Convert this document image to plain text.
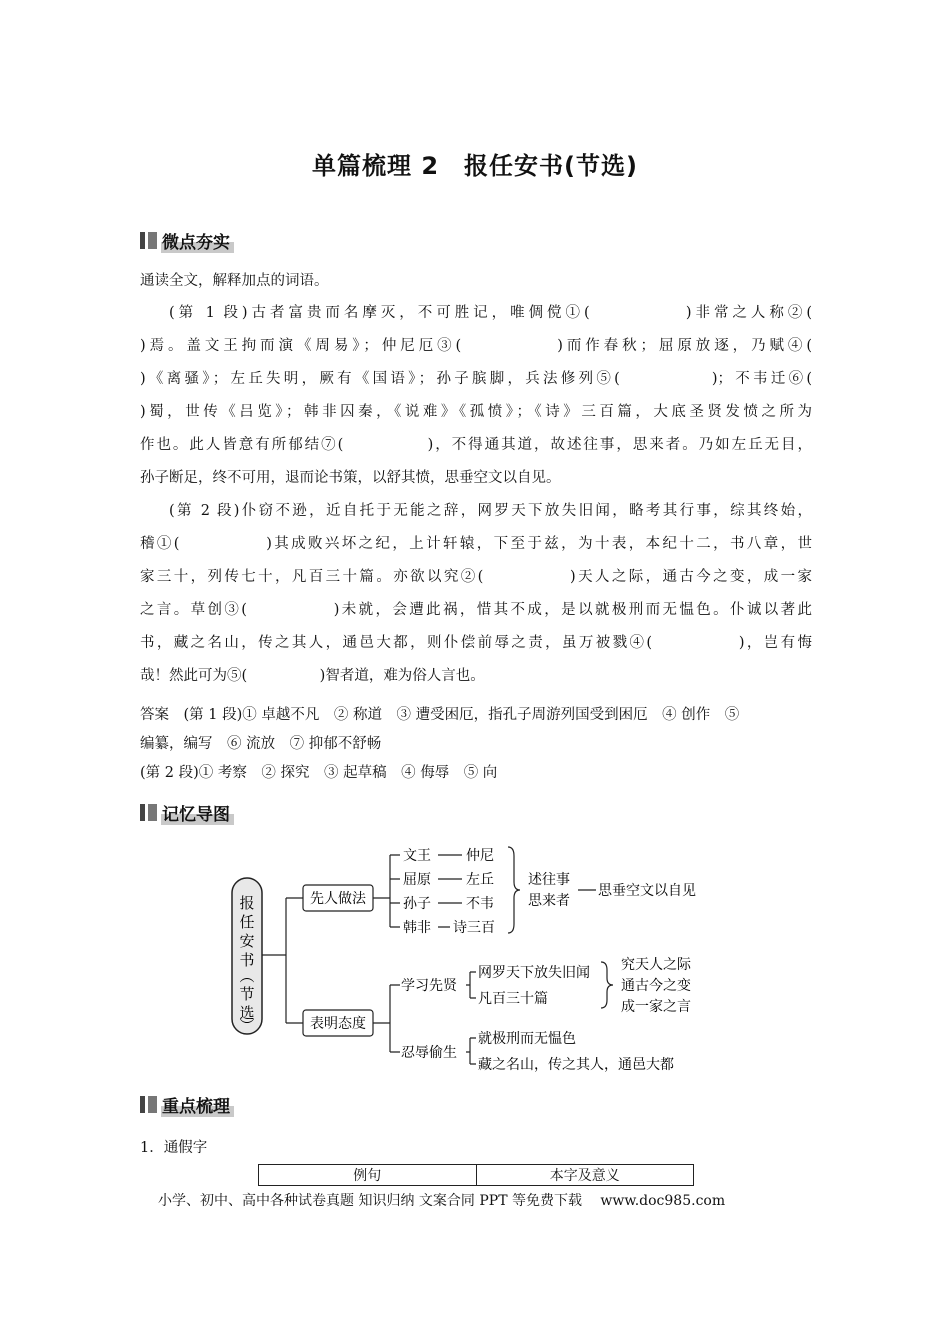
单篇梳理 2　报任安书(节选)
微点夯实
通读全文，解释加点的词语。
(第 1 段)古者富贵而名摩灭，不可胜记，唯倜傥①(　　　　　)非常之人称②(
)焉。盖文王拘而演《周易》；仲尼厄③(　　　　　)而作春秋；屈原放逐，乃赋④(
)《离骚》；左丘失明，厥有《国语》；孙子膑脚，兵法修列⑤(　　　　　)；不韦迁⑥(
)蜀，世传《吕览》；韩非囚秦，《说难》《孤愤》；《诗》三百篇，大底圣贤发愤之所为
作也。此人皆意有所郁结⑦(　　　　　)，不得通其道，故述往事，思来者。乃如左丘无目，
孙子断足，终不可用，退而论书策，以舒其愤，思垂空文以自见。
(第 2 段)仆窃不逊，近自托于无能之辞，网罗天下放失旧闻，略考其行事，综其终始，
稽①(　　　　　)其成败兴坏之纪，上计轩辕，下至于兹，为十表，本纪十二，书八章，世
家三十，列传七十，凡百三十篇。亦欲以究②(　　　　　)天人之际，通古今之变，成一家
之言。草创③(　　　　　)未就，会遭此祸，惜其不成，是以就极刑而无愠色。仆诚以著此
书，藏之名山，传之其人，通邑大都，则仆偿前辱之责，虽万被戮④(　　　　　)，岂有悔
哉！然此可为⑤(　　　　　)智者道，难为俗人言也。
答案　(第 1 段)① 卓越不凡　② 称道　③ 遭受困厄，指孔子周游列国受到困厄　④ 创作　⑤
编纂，编写　⑥ 流放　⑦ 抑郁不舒畅
(第 2 段)① 考察　② 探究　③ 起草稿　④ 侮辱　⑤ 向
记忆导图
报
任
安
书
︵
节
选
︶
先人做法
表明态度
文王	仲尼
屈原	左丘
孙子	不韦
韩非 诗三百
述往事
思来者
思垂空文以自见
学习先贤
网罗天下放失旧闻
凡百三十篇
究天人之际
通古今之变
成一家之言
忍辱偷生
就极刑而无愠色
藏之名山，传之其人，通邑大都
重点梳理
1．通假字
例句	本字及意义
小学、初中、高中各种试卷真题 知识归纳 文案合同 PPT 等免费下载　 www.doc985.com
